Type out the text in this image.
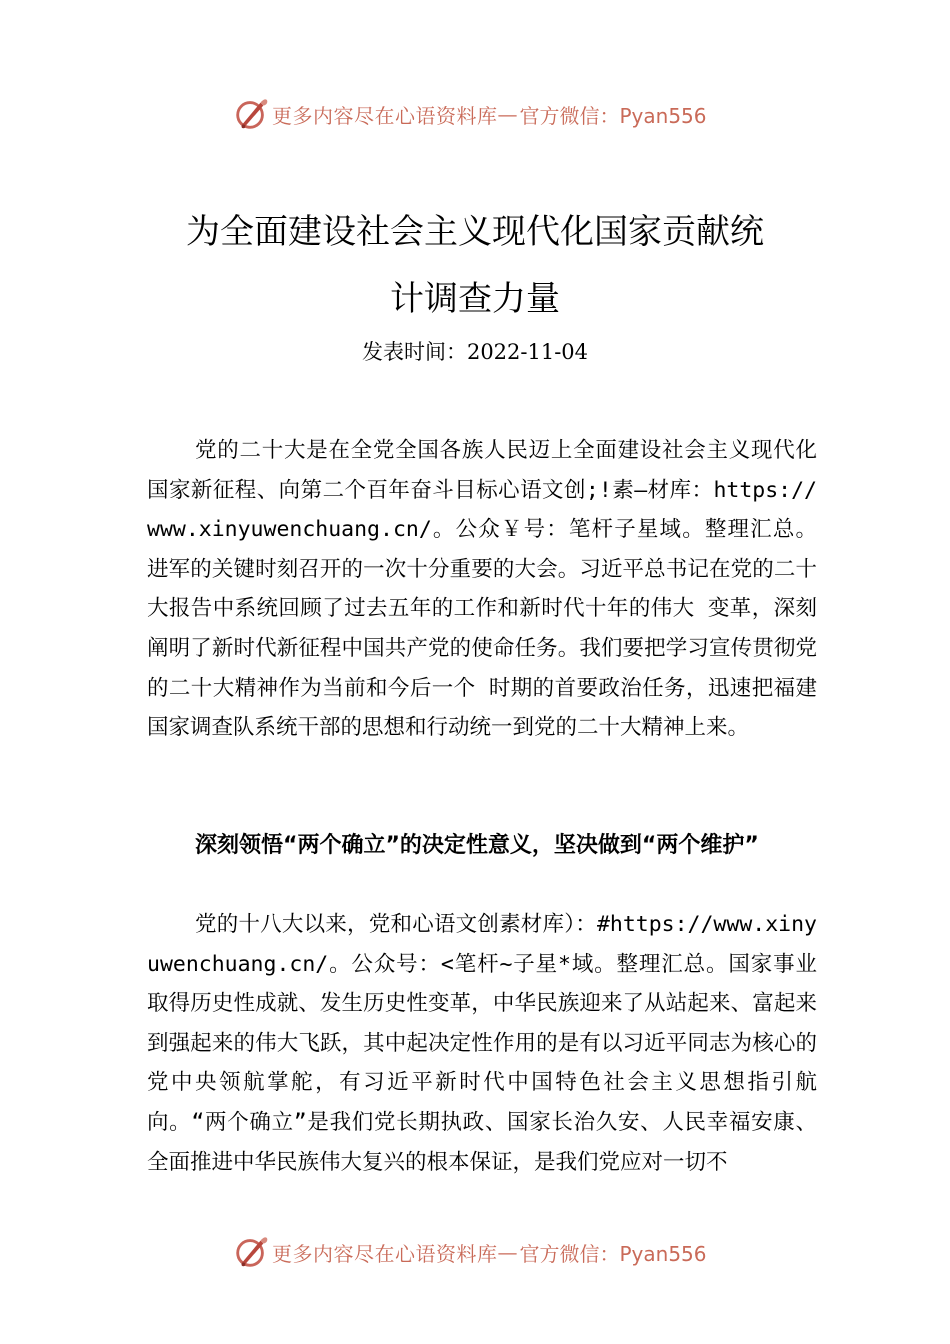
更多内容尽在心语资料库 — 官方微信：Pyan556
为全面建设社会主义现代化国家贡献统
计调查力量
发表时间：2022-11-04
党的二十大是在全党全国各族人民迈上全面建设社会主义现代化国家新征程、向第二个百年奋斗目标心语文创;!素—材库：https://www.xinyuwenchuang.cn/。公众￥号：笔杆子星域。整理汇总。进军的关键时刻召开的一次十分重要的大会。习近平总书记在党的二十大报告中系统回顾了过去五年的工作和新时代十年的伟大 变革，深刻阐明了新时代新征程中国共产党的使命任务。我们要把学习宣传贯彻党的二十大精神作为当前和今后一个 时期的首要政治任务，迅速把福建国家调查队系统干部的思想和行动统一到党的二十大精神上来。
深刻领悟“两个确立”的决定性意义，坚决做到“两个维护”
党的十八大以来，党和心语文创素材库）：#https://www.xinyuwenchuang.cn/。公众号：<笔杆~子星*域。整理汇总。国家事业取得历史性成就、发生历史性变革，中华民族迎来了从站起来、富起来到强起来的伟大飞跃，其中起决定性作用的是有以习近平同志为核心的党中央领航掌舵，有习近平新时代中国特色社会主义思想指引航向。“两个确立”是我们党长期执政、国家长治久安、人民幸福安康、全面推进中华民族伟大复兴的根本保证，是我们党应对一切不
更多内容尽在心语资料库 — 官方微信：Pyan556
